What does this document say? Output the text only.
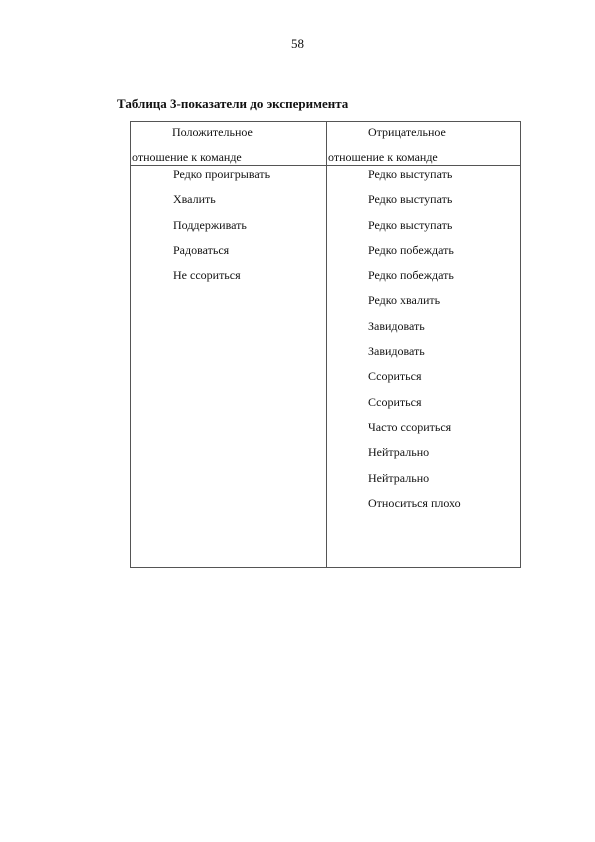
58
Таблица 3-показатели до эксперимента
Положительное
отношение к команде
Отрицательное
отношение к команде
Редко проигрывать
Хвалить
Поддерживать
Радоваться
Не ссориться
Редко выступать
Редко выступать
Редко выступать
Редко побеждать
Редко побеждать
Редко хвалить
Завидовать
Завидовать
Ссориться
Ссориться
Часто ссориться
Нейтрально
Нейтрально
Относиться плохо
